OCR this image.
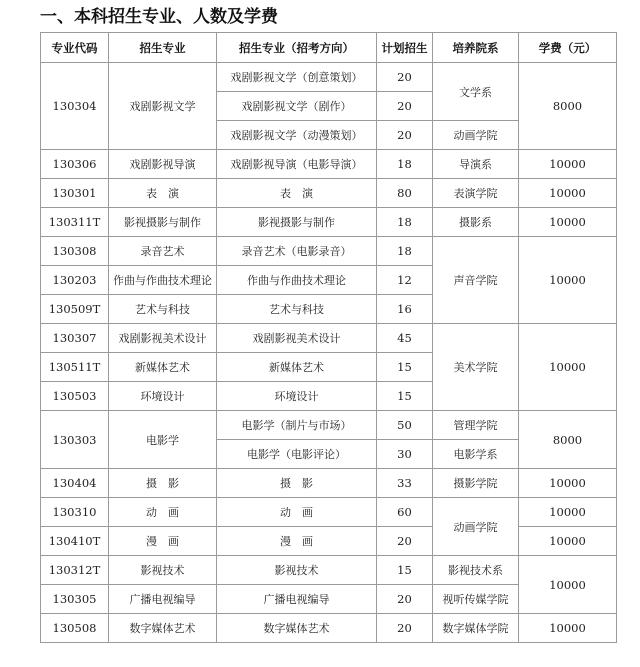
一、本科招生专业、人数及学费
专业代码	招生专业	招生专业（招考方向）	计划招生	培养院系	学费（元）
130304	戏剧影视文学	戏剧影视文学（创意策划）	20	文学系	8000
		戏剧影视文学（剧作）	20		
		戏剧影视文学（动漫策划）	20	动画学院	
130306	戏剧影视导演	戏剧影视导演（电影导演）	18	导演系	10000
130301	表　演	表　演	80	表演学院	10000
130311T	影视摄影与制作	影视摄影与制作	18	摄影系	10000
130308	录音艺术	录音艺术（电影录音）	18	声音学院	10000
130203	作曲与作曲技术理论	作曲与作曲技术理论	12		
130509T	艺术与科技	艺术与科技	16		
130307	戏剧影视美术设计	戏剧影视美术设计	45	美术学院	10000
130511T	新媒体艺术	新媒体艺术	15		
130503	环境设计	环境设计	15		
130303	电影学	电影学（制片与市场）	50	管理学院	8000
		电影学（电影评论）	30	电影学系	
130404	摄　影	摄　影	33	摄影学院	10000
130310	动　画	动　画	60	动画学院	10000
130410T	漫　画	漫　画	20		10000
130312T	影视技术	影视技术	15	影视技术系	10000
130305	广播电视编导	广播电视编导	20	视听传媒学院	
130508	数字媒体艺术	数字媒体艺术	20	数字媒体学院	10000
